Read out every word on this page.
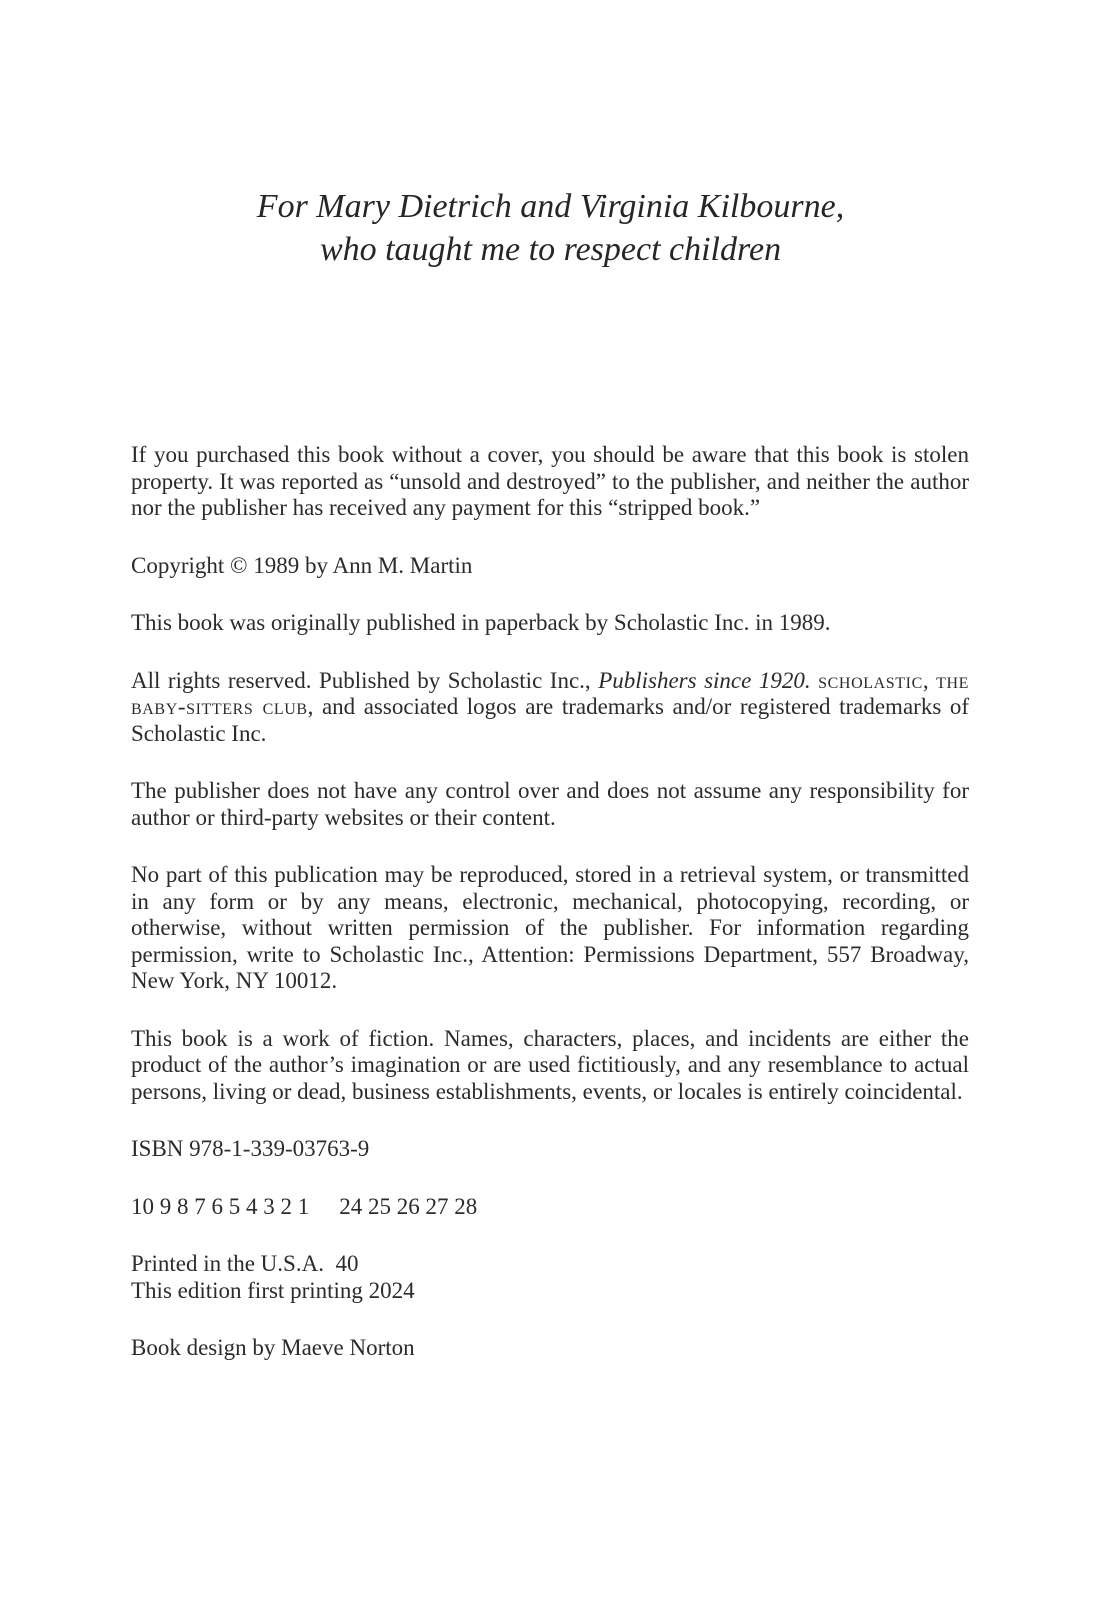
For Mary Dietrich and Virginia Kilbourne,
who taught me to respect children

If you purchased this book without a cover, you should be aware that this book is stolen property. It was reported as “unsold and destroyed” to the publisher, and neither the author nor the publisher has received any payment for this “stripped book.”

Copyright © 1989 by Ann M. Martin

This book was originally published in paperback by Scholastic Inc. in 1989.

All rights reserved. Published by Scholastic Inc., Publishers since 1920. scholastic, the baby-sitters club, and associated logos are trademarks and/or registered trademarks of Scholastic Inc.

The publisher does not have any control over and does not assume any responsibility for author or third-party websites or their content.

No part of this publication may be reproduced, stored in a retrieval system, or transmitted in any form or by any means, electronic, mechanical, photocopying, recording, or otherwise, without written permission of the publisher. For information regarding permission, write to Scholastic Inc., Attention: Permissions Department, 557 Broadway, New York, NY 10012.

This book is a work of fiction. Names, characters, places, and incidents are either the product of the author’s imagination or are used fictitiously, and any resemblance to actual persons, living or dead, business establishments, events, or locales is entirely coincidental.

ISBN 978-1-339-03763-9

10 9 8 7 6 5 4 3 2 1 24 25 26 27 28

Printed in the U.S.A.  40
This edition first printing 2024

Book design by Maeve Norton
